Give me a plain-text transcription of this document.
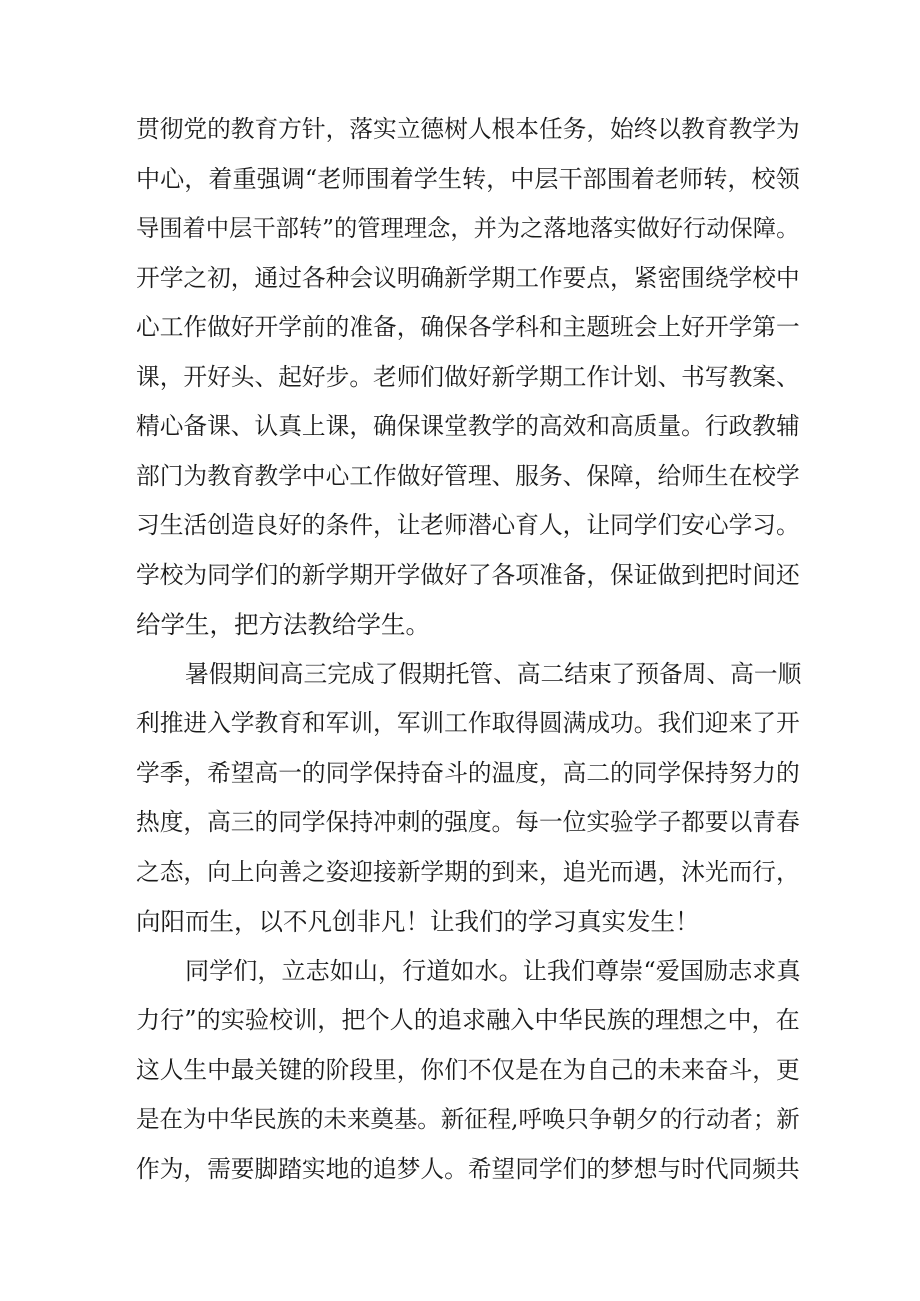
贯彻党的教育方针，落实立德树人根本任务，始终以教育教学为
中心，着重强调“老师围着学生转，中层干部围着老师转，校领
导围着中层干部转”的管理理念，并为之落地落实做好行动保障。
开学之初，通过各种会议明确新学期工作要点，紧密围绕学校中
心工作做好开学前的准备，确保各学科和主题班会上好开学第一
课，开好头、起好步。老师们做好新学期工作计划、书写教案、
精心备课、认真上课，确保课堂教学的高效和高质量。行政教辅
部门为教育教学中心工作做好管理、服务、保障，给师生在校学
习生活创造良好的条件，让老师潜心育人，让同学们安心学习。
学校为同学们的新学期开学做好了各项准备，保证做到把时间还
给学生，把方法教给学生。
暑假期间高三完成了假期托管、高二结束了预备周、高一顺
利推进入学教育和军训，军训工作取得圆满成功。我们迎来了开
学季，希望高一的同学保持奋斗的温度，高二的同学保持努力的
热度，高三的同学保持冲刺的强度。每一位实验学子都要以青春
之态，向上向善之姿迎接新学期的到来，追光而遇，沐光而行，
向阳而生，以不凡创非凡！让我们的学习真实发生！
同学们，立志如山，行道如水。让我们尊崇“爱国励志求真
力行”的实验校训，把个人的追求融入中华民族的理想之中，在
这人生中最关键的阶段里，你们不仅是在为自己的未来奋斗，更
是在为中华民族的未来奠基。新征程,呼唤只争朝夕的行动者；新
作为，需要脚踏实地的追梦人。希望同学们的梦想与时代同频共
